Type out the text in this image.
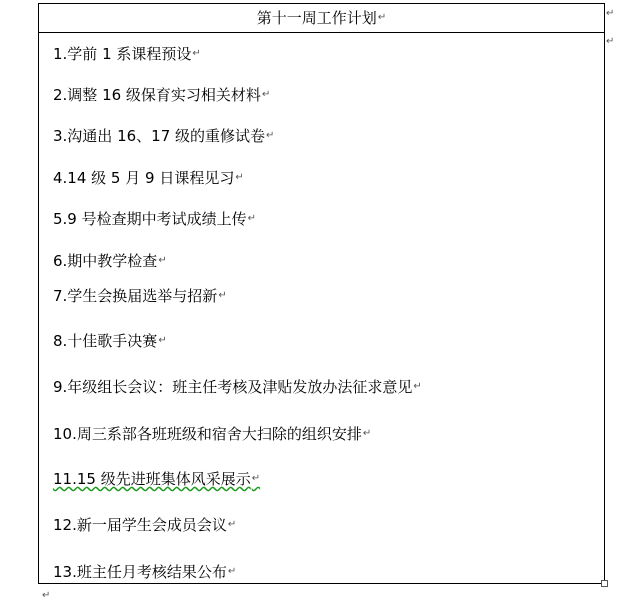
第十一周工作计划↵
1.学前 1 系课程预设↵
2.调整 16 级保育实习相关材料↵
3.沟通出 16、17 级的重修试卷↵
4.14 级 5 月 9 日课程见习↵
5.9 号检查期中考试成绩上传↵
6.期中教学检查↵
7.学生会换届选举与招新↵
8.十佳歌手决赛↵
9.年级组长会议：班主任考核及津贴发放办法征求意见↵
10.周三系部各班班级和宿舍大扫除的组织安排↵
11.15 级先进班集体风采展示↵
12.新一届学生会成员会议↵
13.班主任月考核结果公布↵
↵
↵
↵
